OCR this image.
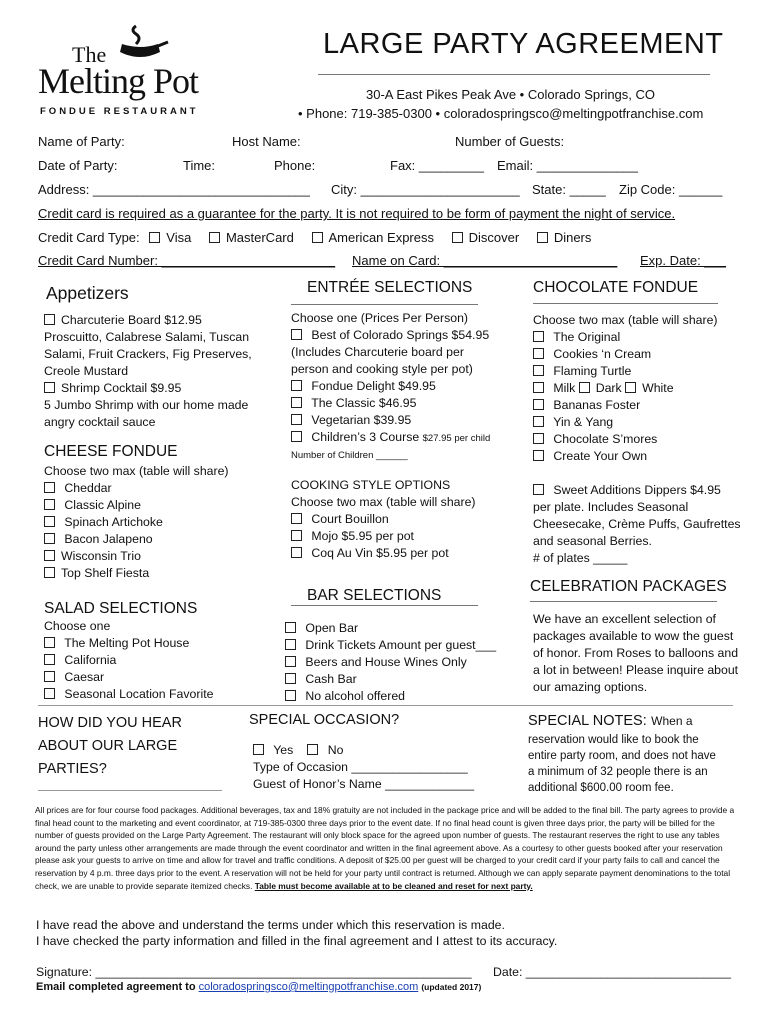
The
Melting Pot
FONDUE RESTAURANT
LARGE PARTY AGREEMENT
30-A East Pikes Peak Ave • Colorado Springs, CO
• Phone: 719-385-0300 • coloradospringsco@meltingpotfranchise.com
Name of Party:	Host Name:	Number of Guests:
Date of Party:	Time:	Phone:	Fax: _________ Email: ______________
Address: ______________________________ City: ______________________ State: _____ Zip Code: ______
Credit card is required as a guarantee for the party. It is not required to be form of payment the night of service.
Credit Card Type: Visa	MasterCard	American Express	Discover	Diners
Credit Card Number: ________________________ Name on Card: ________________________ Exp. Date: ___
Appetizers
Charcuterie Board $12.95
Proscuitto, Calabrese Salami, Tuscan
Salami, Fruit Crackers, Fig Preserves,
Creole Mustard
Shrimp Cocktail $9.95
5 Jumbo Shrimp with our home made
angry cocktail sauce
CHEESE FONDUE
Choose two max (table will share)
Cheddar
Classic Alpine
Spinach Artichoke
Bacon Jalapeno
Wisconsin Trio
Top Shelf Fiesta
SALAD SELECTIONS
Choose one
The Melting Pot House
California
Caesar
Seasonal Location Favorite
ENTRÉE SELECTIONS
Choose one (Prices Per Person)
Best of Colorado Springs $54.95
(Includes Charcuterie board per
person and cooking style per pot)
Fondue Delight $49.95
The Classic $46.95
Vegetarian $39.95
Children’s 3 Course $27.95 per child
Number of Children ______
COOKING STYLE OPTIONS
Choose two max (table will share)
Court Bouillon
Mojo $5.95 per pot
Coq Au Vin $5.95 per pot
BAR SELECTIONS
Open Bar
Drink Tickets Amount per guest___
Beers and House Wines Only
Cash Bar
No alcohol offered
CHOCOLATE FONDUE
Choose two max (table will share)
The Original
Cookies ‘n Cream
Flaming Turtle
Milk Dark White
Bananas Foster
Yin & Yang
Chocolate S’mores
Create Your Own
Sweet Additions Dippers $4.95
per plate. Includes Seasonal
Cheesecake, Crème Puffs, Gaufrettes
and seasonal Berries.
# of plates _____
CELEBRATION PACKAGES
We have an excellent selection of
packages available to wow the guest
of honor. From Roses to balloons and
a lot in between! Please inquire about
our amazing options.
HOW DID YOU HEAR
ABOUT OUR LARGE
PARTIES?
SPECIAL OCCASION?
Yes	No
Type of Occasion _________________
Guest of Honor’s Name _____________
SPECIAL NOTES: When a
reservation would like to book the
entire party room, and does not have
a minimum of 32 people there is an
additional $600.00 room fee.
All prices are for four course food packages. Additional beverages, tax and 18% gratuity are not included in the package price and will be added to the final bill. The party agrees to provide a final head count to the marketing and event coordinator, at 719-385-0300 three days prior to the event date. If no final head count is given three days prior, the party will be billed for the number of guests provided on the Large Party Agreement. The restaurant will only block space for the agreed upon number of guests. The restaurant reserves the right to use any tables around the party unless other arrangements are made through the event coordinator and written in the final agreement above. As a courtesy to other guests booked after your reservation please ask your guests to arrive on time and allow for travel and traffic conditions. A deposit of $25.00 per guest will be charged to your credit card if your party fails to call and cancel the reservation by 4 p.m. three days prior to the event. A reservation will not be held for your party until contract is returned. Although we can apply separate payment denominations to the total check, we are unable to provide separate itemized checks. Table must become available at to be cleaned and reset for next party.
I have read the above and understand the terms under which this reservation is made.
I have checked the party information and filled in the final agreement and I attest to its accuracy.
Signature: _______________________________________________________ Date: ______________________________
Email completed agreement to coloradospringsco@meltingpotfranchise.com (updated 2017)
